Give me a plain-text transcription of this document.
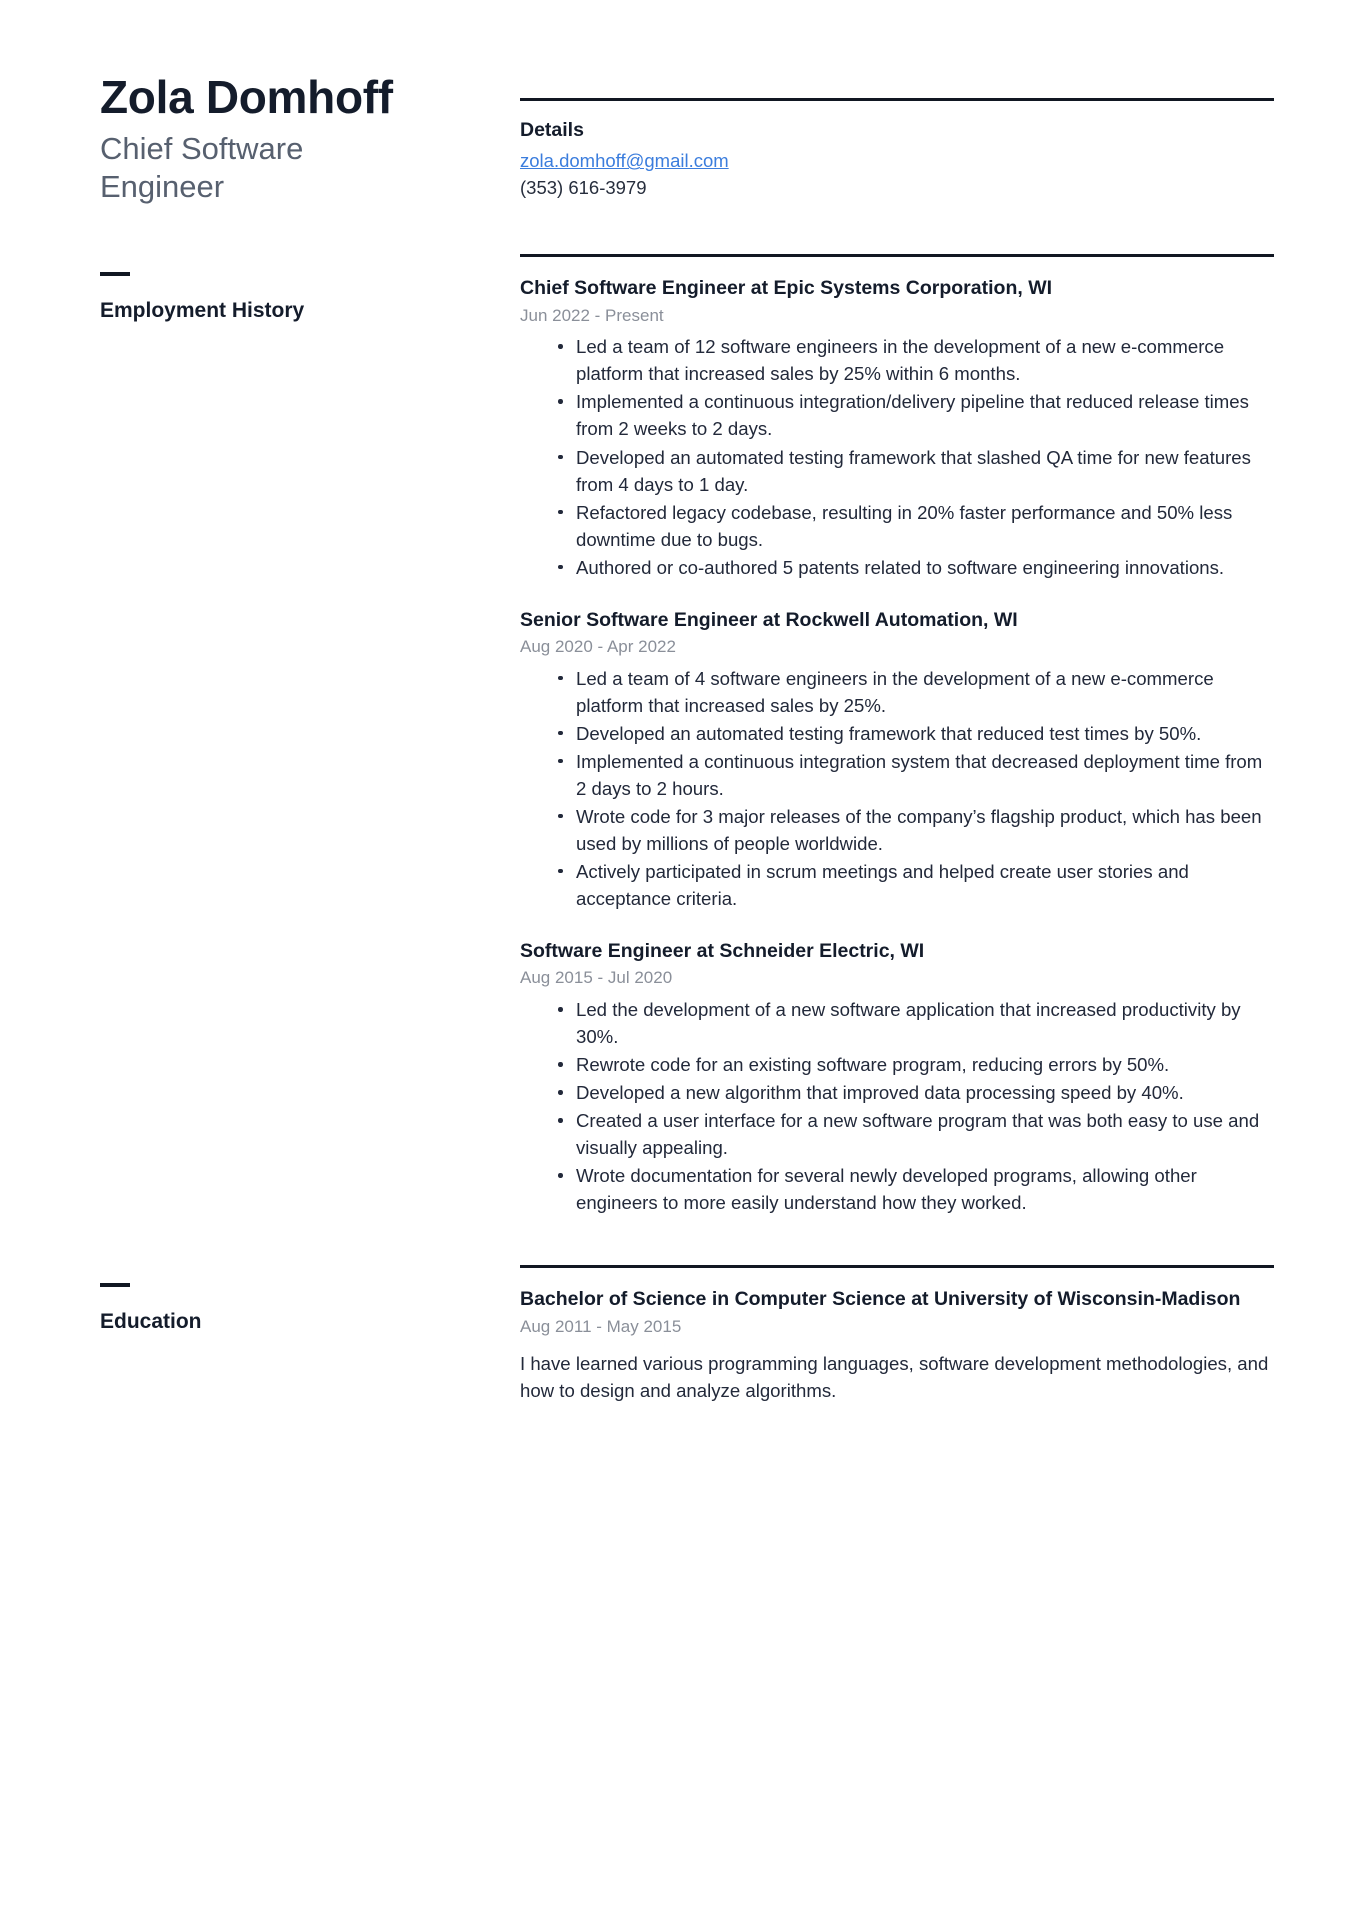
Zola Domhoff
Chief Software Engineer
Details
zola.domhoff@gmail.com
(353) 616-3979
Employment History
Chief Software Engineer at Epic Systems Corporation, WI
Jun 2022 - Present
Led a team of 12 software engineers in the development of a new e-commerce platform that increased sales by 25% within 6 months.
Implemented a continuous integration/delivery pipeline that reduced release times from 2 weeks to 2 days.
Developed an automated testing framework that slashed QA time for new features from 4 days to 1 day.
Refactored legacy codebase, resulting in 20% faster performance and 50% less downtime due to bugs.
Authored or co-authored 5 patents related to software engineering innovations.
Senior Software Engineer at Rockwell Automation, WI
Aug 2020 - Apr 2022
Led a team of 4 software engineers in the development of a new e-commerce platform that increased sales by 25%.
Developed an automated testing framework that reduced test times by 50%.
Implemented a continuous integration system that decreased deployment time from 2 days to 2 hours.
Wrote code for 3 major releases of the company’s flagship product, which has been used by millions of people worldwide.
Actively participated in scrum meetings and helped create user stories and acceptance criteria.
Software Engineer at Schneider Electric, WI
Aug 2015 - Jul 2020
Led the development of a new software application that increased productivity by 30%.
Rewrote code for an existing software program, reducing errors by 50%.
Developed a new algorithm that improved data processing speed by 40%.
Created a user interface for a new software program that was both easy to use and visually appealing.
Wrote documentation for several newly developed programs, allowing other engineers to more easily understand how they worked.
Education
Bachelor of Science in Computer Science at University of Wisconsin-Madison
Aug 2011 - May 2015

I have learned various programming languages, software development methodologies, and how to design and analyze algorithms.
